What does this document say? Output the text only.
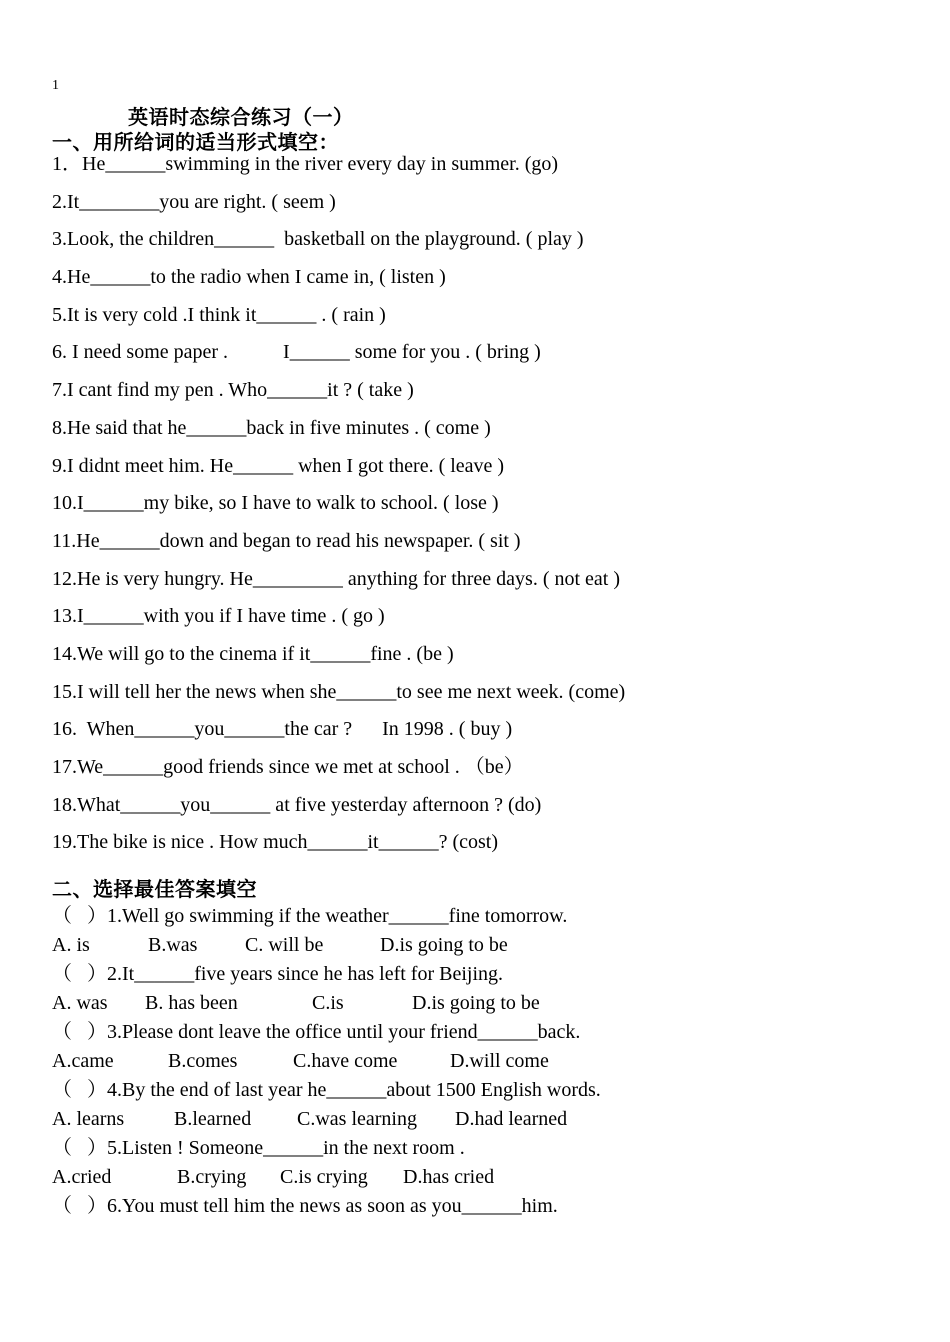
1
英语时态综合练习（一）
一、用所给词的适当形式填空：
1．He______swimming in the river every day in summer. (go)
2.It________you are right. ( seem )
3.Look, the children______  basketball on the playground. ( play )
4.He______to the radio when I came in, ( listen )
5.It is very cold .I think it______ . ( rain )
6. I need some paper .           I______ some for you . ( bring )
7.I cant find my pen . Who______it ? ( take )
8.He said that he______back in five minutes . ( come )
9.I didnt meet him. He______ when I got there. ( leave )
10.I______my bike, so I have to walk to school. ( lose )
11.He______down and began to read his newspaper. ( sit )
12.He is very hungry. He_________ anything for three days. ( not eat )
13.I______with you if I have time . ( go )
14.We will go to the cinema if it______fine . (be )
15.I will tell her the news when she______to see me next week. (come)
16.  When______you______the car ?      In 1998 . ( buy )
17.We______good friends since we met at school . （be）
18.What______you______ at five yesterday afternoon ? (do)
19.The bike is nice . How much______it______? (cost)
二、选择最佳答案填空
（   ）1.Well go swimming if the weather______fine tomorrow.
A. is	B.was C. will be	D.is going to be
（   ）2.It______five years since he has left for Beijing.
A. was B. has been	C.is	D.is going to be
（   ）3.Please dont leave the office until your friend______back.
A.came	B.comes	C.have come	D.will come
（   ）4.By the end of last year he______about 1500 English words.
A. learns B.learned C.was learning D.had learned
（   ）5.Listen ! Someone______in the next room .
A.cried	B.crying C.is crying D.has cried
（   ）6.You must tell him the news as soon as you______him.
